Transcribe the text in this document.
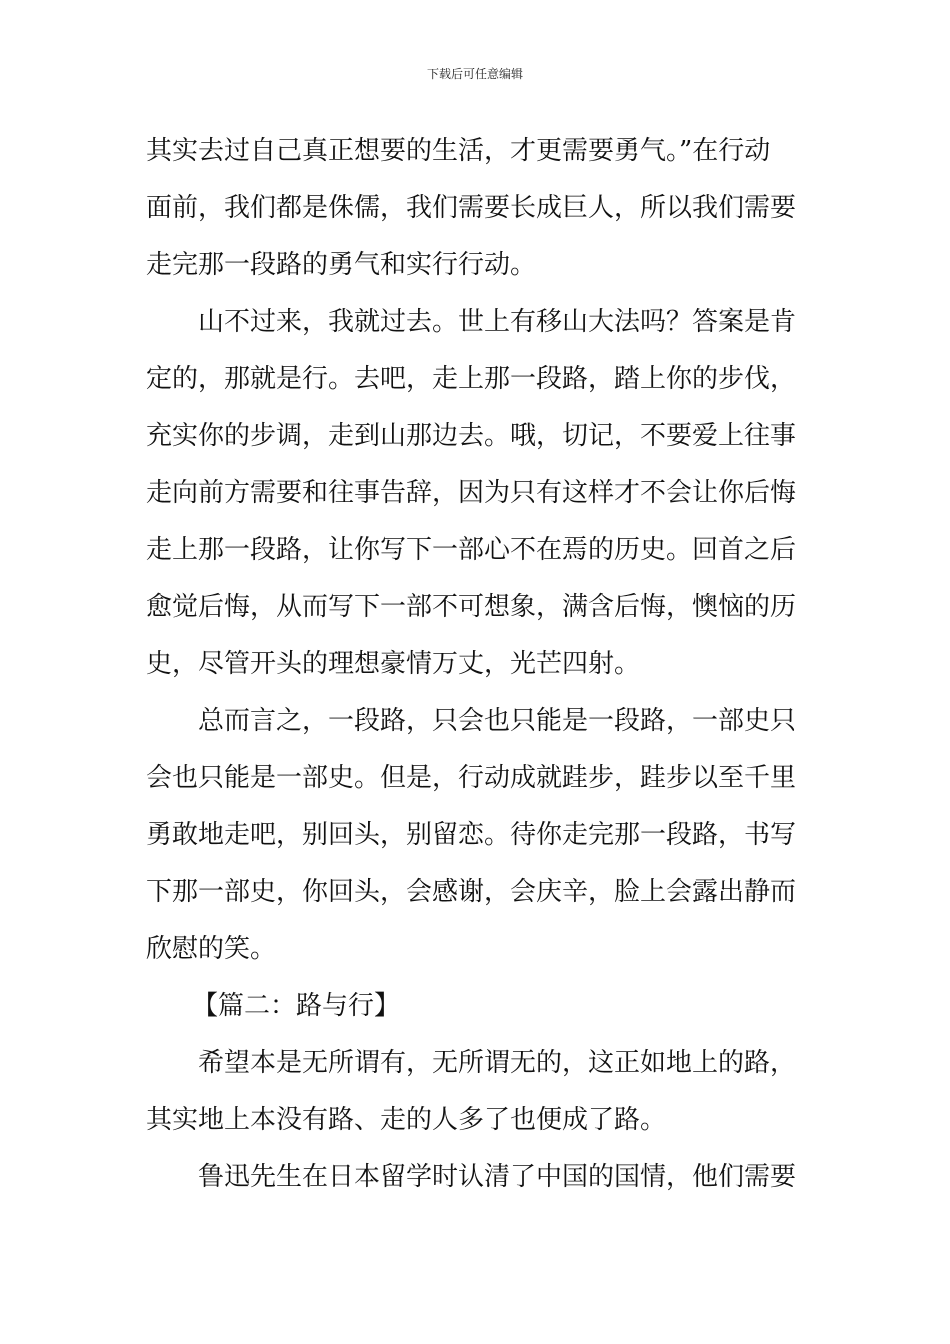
下载后可任意编辑
其实去过自己真正想要的生活，才更需要勇气。”在行动
面前，我们都是侏儒，我们需要长成巨人，所以我们需要
走完那一段路的勇气和实行行动。
山不过来，我就过去。世上有移山大法吗？答案是肯
定的，那就是行。去吧，走上那一段路，踏上你的步伐，
充实你的步调，走到山那边去。哦，切记，不要爱上往事
走向前方需要和往事告辞，因为只有这样才不会让你后悔
走上那一段路，让你写下一部心不在焉的历史。回首之后
愈觉后悔，从而写下一部不可想象，满含后悔，懊恼的历
史，尽管开头的理想豪情万丈，光芒四射。
总而言之，一段路，只会也只能是一段路，一部史只
会也只能是一部史。但是，行动成就跬步，跬步以至千里
勇敢地走吧，别回头，别留恋。待你走完那一段路，书写
下那一部史，你回头，会感谢，会庆辛，脸上会露出静而
欣慰的笑。
【篇二：路与行】
希望本是无所谓有，无所谓无的，这正如地上的路，
其实地上本没有路、走的人多了也便成了路。
鲁迅先生在日本留学时认清了中国的国情，他们需要
